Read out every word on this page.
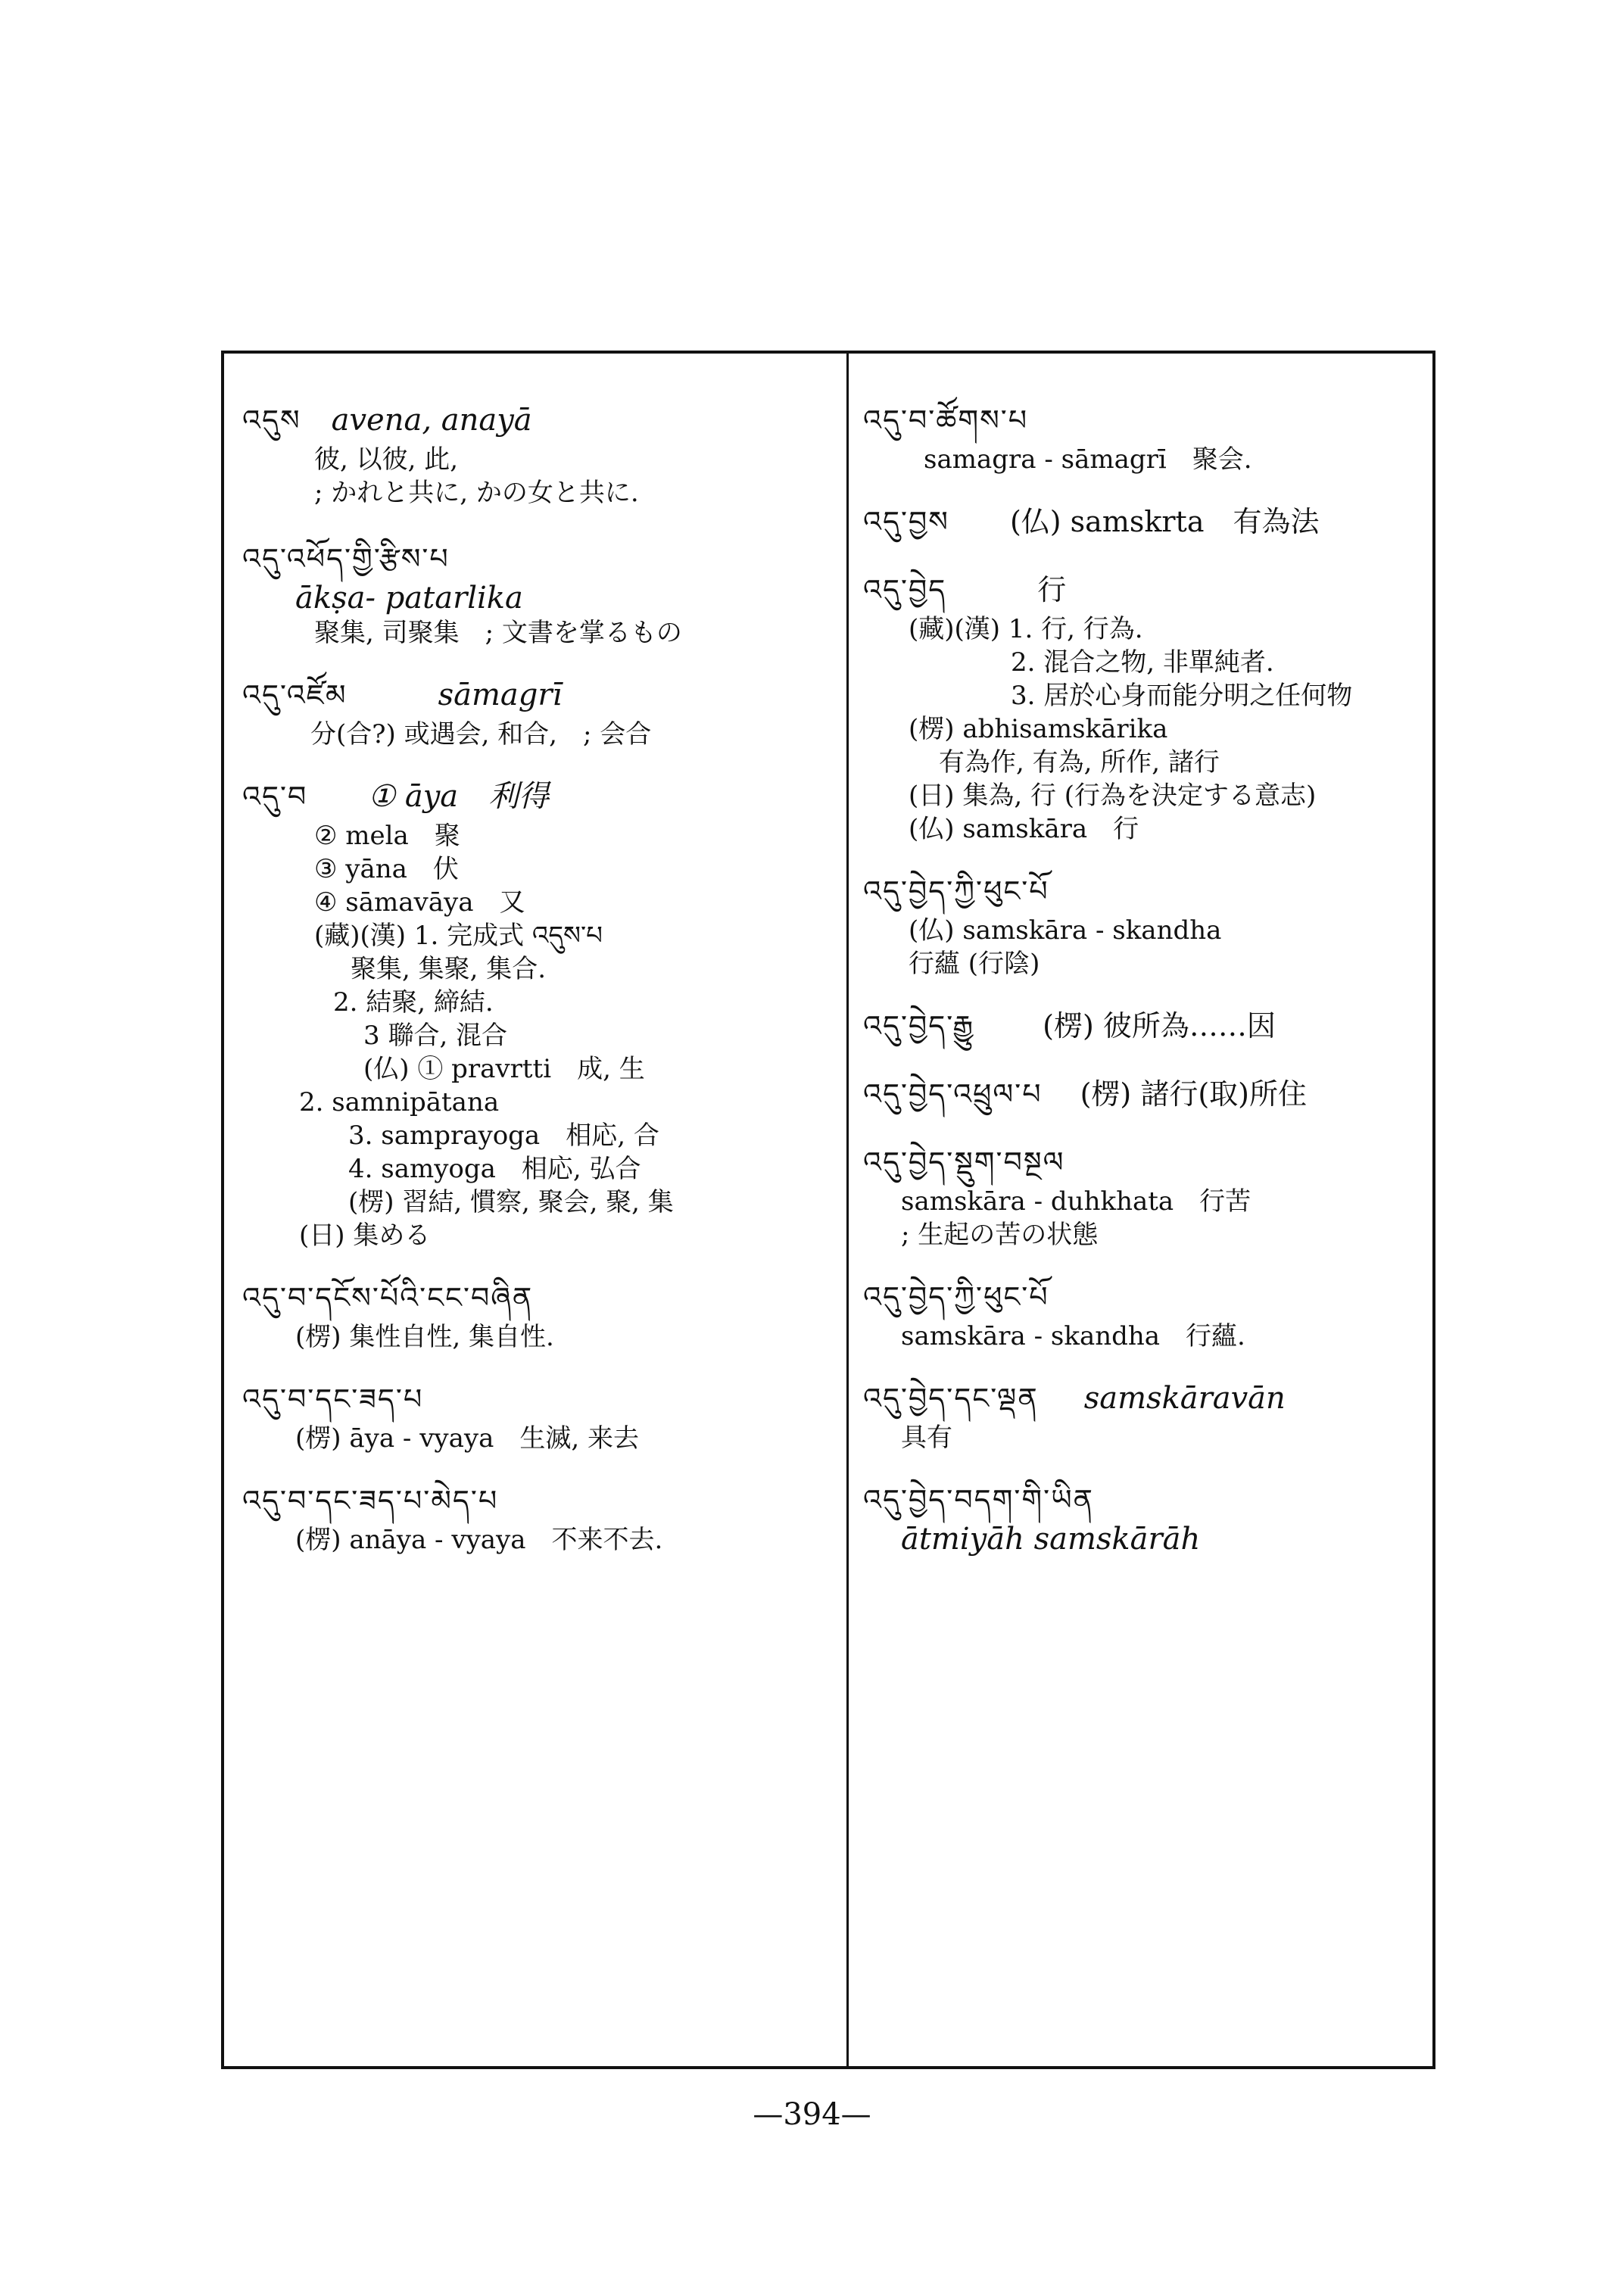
འདུས avena, anayā
彼, 以彼, 此,
; かれと共に, かの女と共に.
འདུ་འཕོད་གྱི་རྩིས་པ
ākṣa- patarlika
聚集, 司聚集　; 文書を掌るもの
འདུ་འཛོམ	sāmagrī
分(合?) 或遇会, 和合,　; 会合
འདུ་བ ① āya　利得
② mela　聚
③ yāna　伏
④ sāmavāya　又
(藏)(漢) 1. 完成式 འདུས་པ
　　聚集, 集聚, 集合.
2. 結聚, 締結.
3 聯合, 混合
(仏) ① pravrtti　成, 生
2. samnipātana
3. samprayoga　相応, 合
4. samyoga　相応, 弘合
(楞) 習結, 慣察, 聚会, 聚, 集
(日) 集める
འདུ་བ་དངོས་པོའི་ངང་བཞིན
(楞) 集性自性, 集自性.
འདུ་བ་དང་ཟད་པ
(楞) āya - vyaya　生滅, 来去
འདུ་བ་དང་ཟད་པ་མེད་པ
(楞) anāya - vyaya　不来不去.
འདུ་བ་ཚོགས་པ
samagra - sāmagrī　聚会.
འདུ་བྱས (仏) samskrta　有為法
འདུ་བྱེད	行
(藏)(漢) 1. 行, 行為.
2. 混合之物, 非單純者.
3. 居於心身而能分明之任何物
(楞) abhisamskārika
有為作, 有為, 所作, 諸行
(日) 集為, 行 (行為を決定する意志)
(仏) samskāra　行
འདུ་བྱེད་ཀྱི་ཕུང་པོ
(仏) samskāra - skandha
行蘊 (行陰)
འདུ་བྱེད་རྒྱུ (楞) 彼所為……因
འདུ་བྱེད་འཕྲུལ་པ (楞) 諸行(取)所住
འདུ་བྱེད་སྡུག་བསྔལ
samskāra - duhkhata　行苦
; 生起の苦の状態
འདུ་བྱེད་ཀྱི་ཕུང་པོ
samskāra - skandha　行蘊.
འདུ་བྱེད་དང་ལྡན samskāravān
具有
འདུ་བྱེད་བདག་གི་ཡིན
ātmiyāh samskārāh
—394—
